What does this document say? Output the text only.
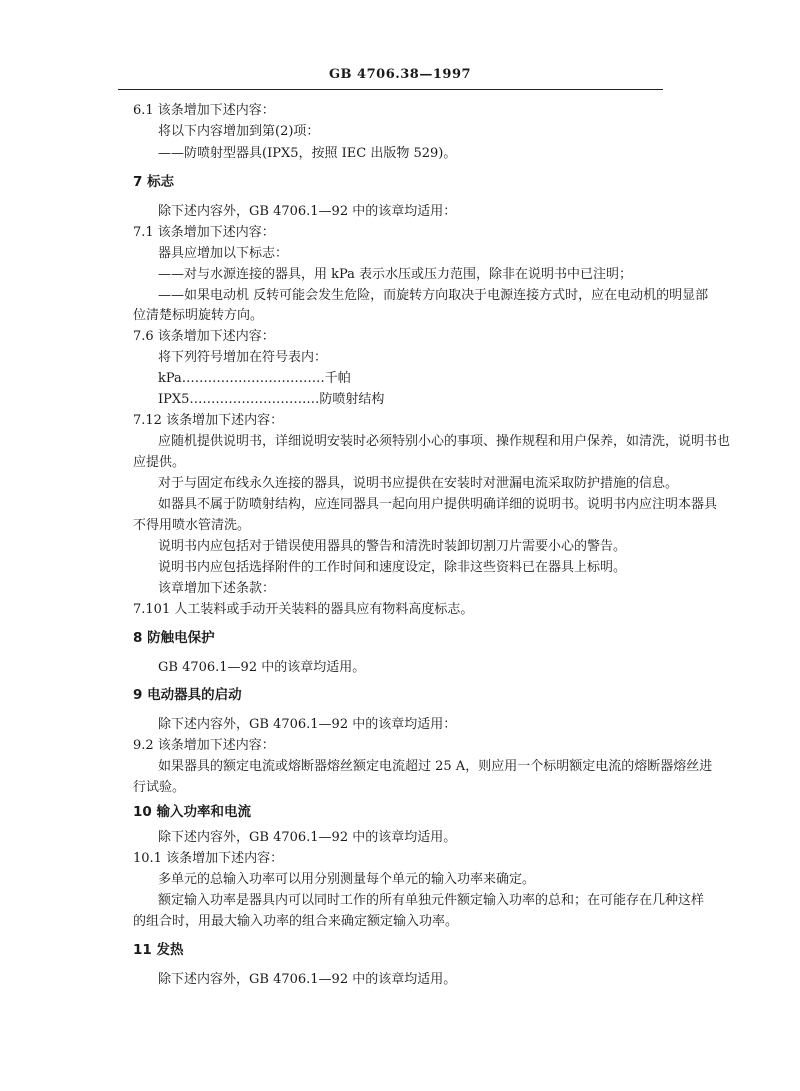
GB 4706.38—1997
6.1 该条增加下述内容：
将以下内容增加到第(2)项：
——防喷射型器具(IPX5，按照 IEC 出版物 529)。
7 标志
除下述内容外，GB 4706.1—92 中的该章均适用：
7.1 该条增加下述内容：
器具应增加以下标志：
——对与水源连接的器具，用 kPa 表示水压或压力范围，除非在说明书中已注明；
——如果电动机 反转可能会发生危险，而旋转方向取决于电源连接方式时，应在电动机的明显部
位清楚标明旋转方向。
7.6 该条增加下述内容：
将下列符号增加在符号表内：
kPa……………………………千帕
IPX5…………………………防喷射结构
7.12 该条增加下述内容：
应随机提供说明书，详细说明安装时必须特别小心的事项、操作规程和用户保养，如清洗，说明书也
应提供。
对于与固定布线永久连接的器具，说明书应提供在安装时对泄漏电流采取防护措施的信息。
如器具不属于防喷射结构，应连同器具一起向用户提供明确详细的说明书。说明书内应注明本器具
不得用喷水管清洗。
说明书内应包括对于错误使用器具的警告和清洗时装卸切割刀片需要小心的警告。
说明书内应包括选择附件的工作时间和速度设定，除非这些资料已在器具上标明。
该章增加下述条款：
7.101 人工装料或手动开关装料的器具应有物料高度标志。
8 防触电保护
GB 4706.1—92 中的该章均适用。
9 电动器具的启动
除下述内容外，GB 4706.1—92 中的该章均适用：
9.2 该条增加下述内容：
如果器具的额定电流或熔断器熔丝额定电流超过 25 A，则应用一个标明额定电流的熔断器熔丝进
行试验。
10 输入功率和电流
除下述内容外，GB 4706.1—92 中的该章均适用。
10.1 该条增加下述内容：
多单元的总输入功率可以用分别测量每个单元的输入功率来确定。
额定输入功率是器具内可以同时工作的所有单独元件额定输入功率的总和；在可能存在几种这样
的组合时，用最大输入功率的组合来确定额定输入功率。
11 发热
除下述内容外，GB 4706.1—92 中的该章均适用。
